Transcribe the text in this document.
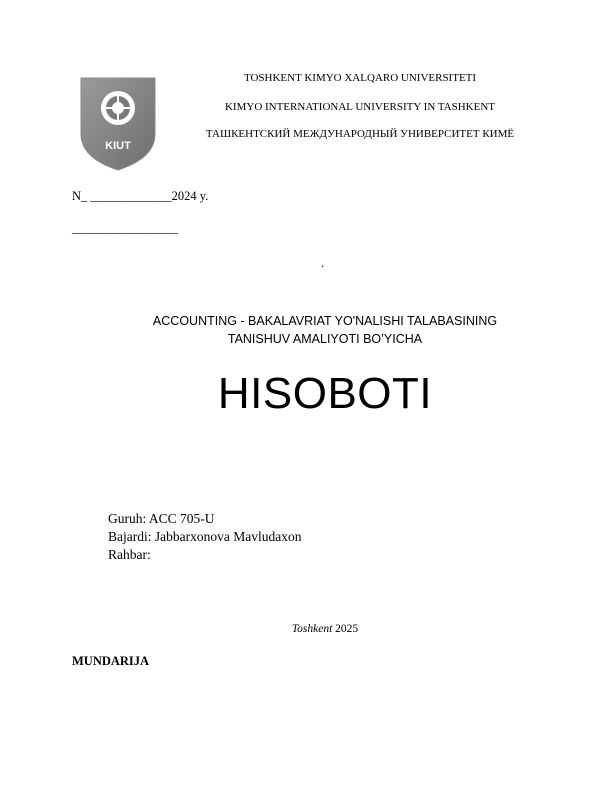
KIUT
TOSHKENT KIMYO XALQARO UNIVERSITETI
KIMYO INTERNATIONAL UNIVERSITY IN TASHKENT
ТАШКЕНТСКИЙ МЕЖДУНАРОДНЫЙ УНИВЕРСИТЕТ КИМЁ
N_ _____________2024 y.
_________________
.
ACCOUNTING - BAKALAVRIAT YO'NALISHI TALABASINING
TANISHUV AMALIYOTI BO’YICHA
HISOBOTI
Guruh: ACC 705-U
Bajardi: Jabbarxonova Mavludaxon
Rahbar:
Toshkent 2025
MUNDARIJA
